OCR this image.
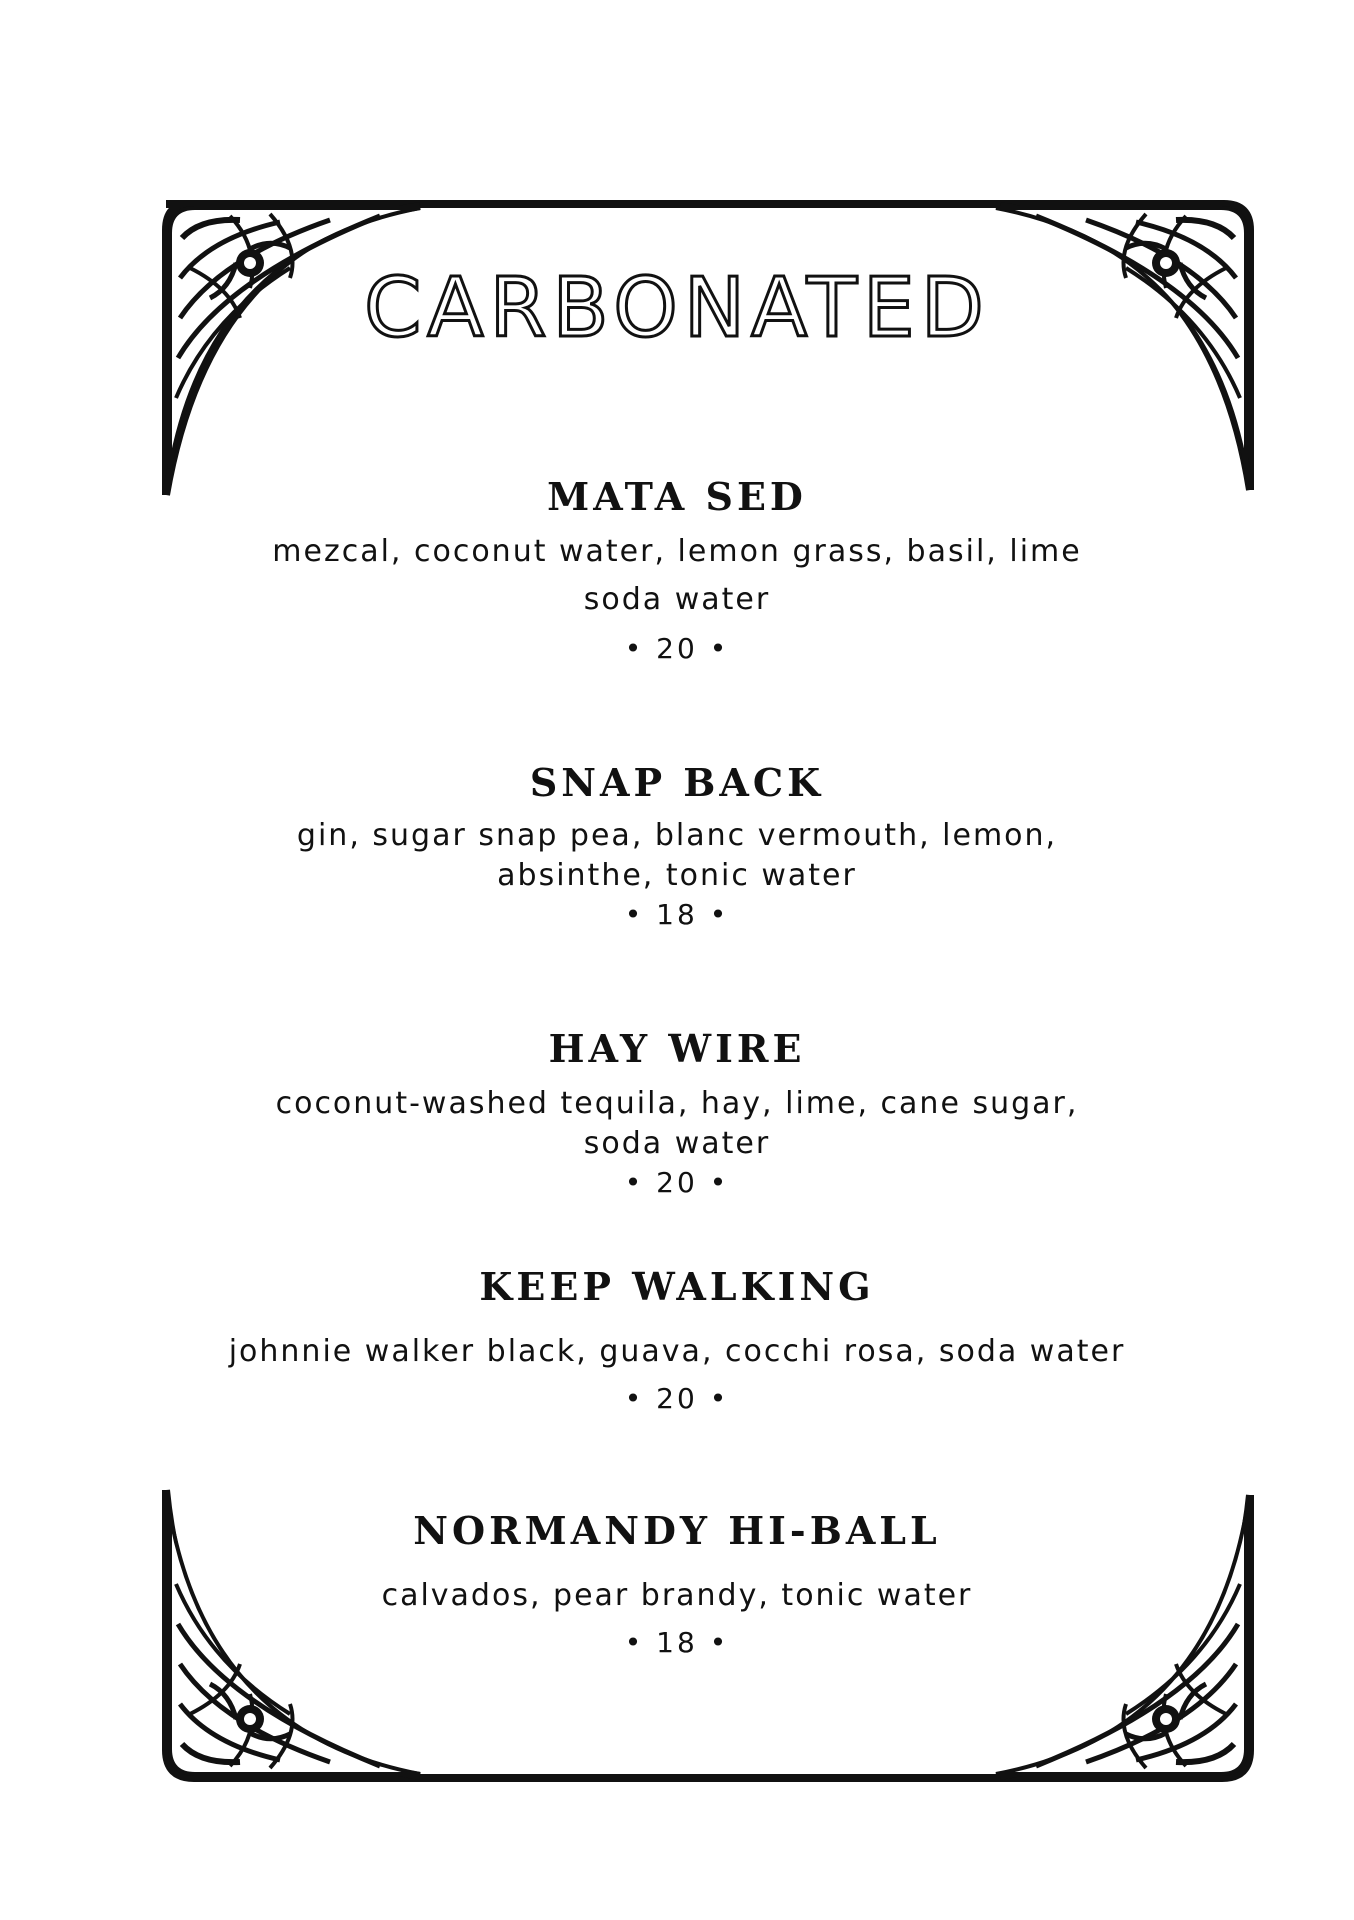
CARBONATED
MATA SED
mezcal, coconut water, lemon grass, basil, lime
soda water
• 20 •
SNAP BACK
gin, sugar snap pea, blanc vermouth, lemon,
absinthe, tonic water
• 18 •
HAY WIRE
coconut-washed tequila, hay, lime, cane sugar,
soda water
• 20 •
KEEP WALKING
johnnie walker black, guava, cocchi rosa, soda water
• 20 •
NORMANDY HI-BALL
calvados, pear brandy, tonic water
• 18 •
